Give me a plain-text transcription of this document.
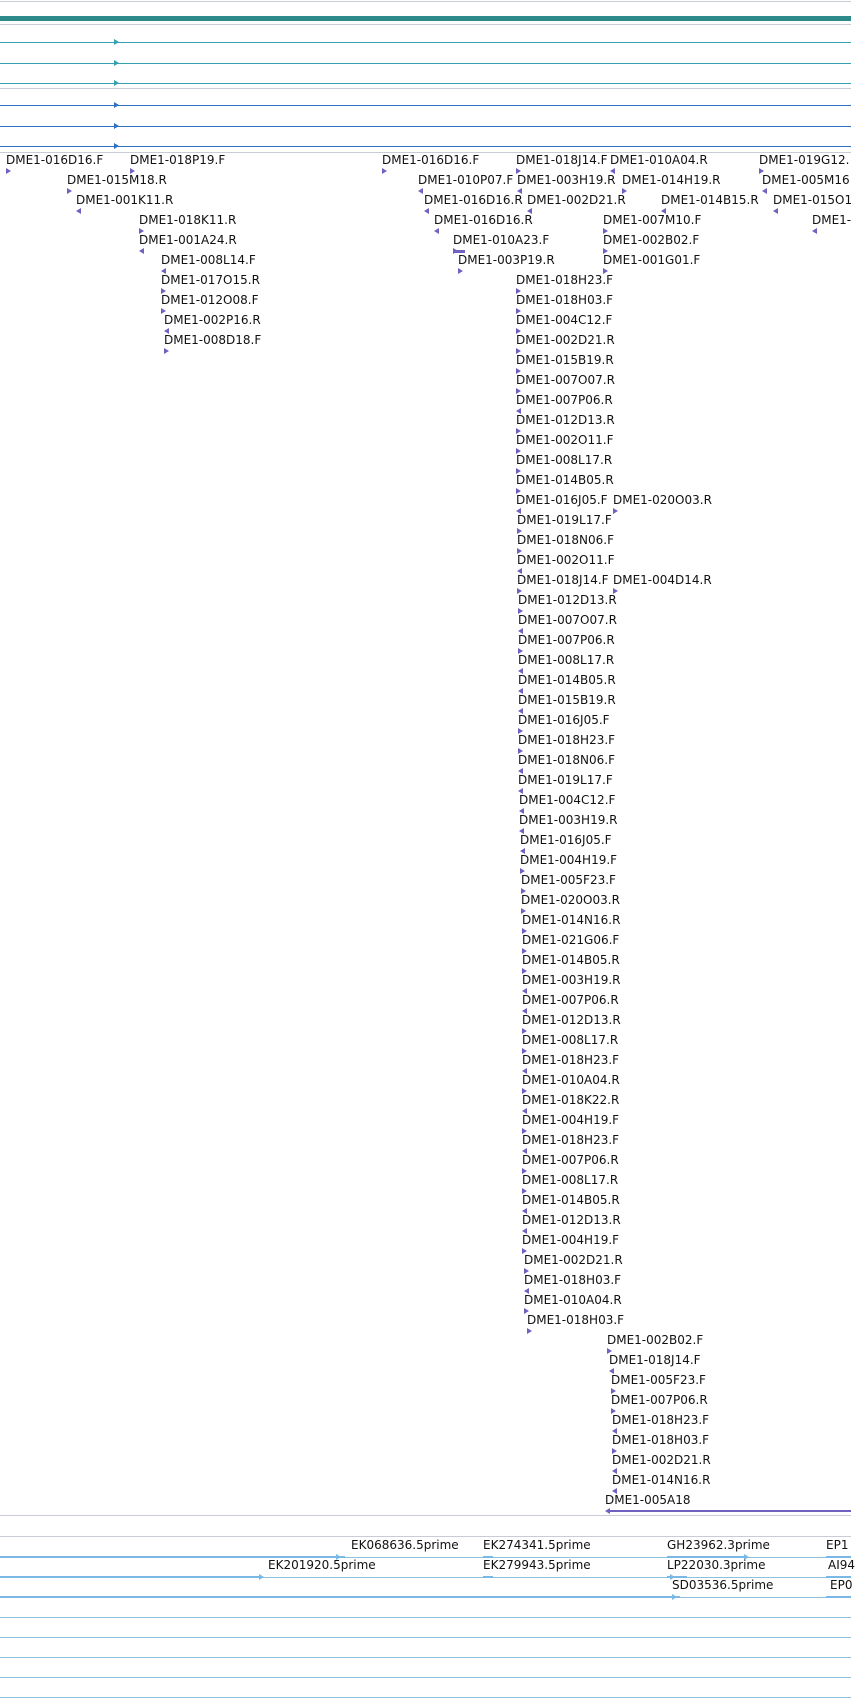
DME1-016D16.F DME1-018P19.F
DME1-015M18.R
DME1-001K11.R
DME1-018K11.R
DME1-001A24.R
DME1-008L14.F
DME1-017O15.R
DME1-012O08.F
DME1-002P16.R
DME1-008D18.F
DME1-016D16.F
DME1-010P07.F
DME1-016D16.R
DME1-016D16.R
DME1-010A23.F
DME1-003P19.R
DME1-018J14.F
DME1-003H19.R
DME1-002D21.R
DME1-010A04.R
DME1-014H19.R
DME1-014B15.R
DME1-007M10.F
DME1-002B02.F
DME1-001G01.F
DME1-019G12.
DME1-005M16
DME1-015O1
DME1-
DME1-018H23.F
DME1-018H03.F
DME1-004C12.F
DME1-002D21.R
DME1-015B19.R
DME1-007O07.R
DME1-007P06.R
DME1-012D13.R
DME1-002O11.F
DME1-008L17.R
DME1-014B05.R
DME1-016J05.F DME1-020O03.R
DME1-019L17.F
DME1-018N06.F
DME1-002O11.F
DME1-018J14.F DME1-004D14.R
DME1-012D13.R
DME1-007O07.R
DME1-007P06.R
DME1-008L17.R
DME1-014B05.R
DME1-015B19.R
DME1-016J05.F
DME1-018H23.F
DME1-018N06.F
DME1-019L17.F
DME1-004C12.F
DME1-003H19.R
DME1-016J05.F
DME1-004H19.F
DME1-005F23.F
DME1-020O03.R
DME1-014N16.R
DME1-021G06.F
DME1-014B05.R
DME1-003H19.R
DME1-007P06.R
DME1-012D13.R
DME1-008L17.R
DME1-018H23.F
DME1-010A04.R
DME1-018K22.R
DME1-004H19.F
DME1-018H23.F
DME1-007P06.R
DME1-008L17.R
DME1-014B05.R
DME1-012D13.R
DME1-004H19.F
DME1-002D21.R
DME1-018H03.F
DME1-010A04.R
DME1-018H03.F
DME1-002B02.F
DME1-018J14.F
DME1-005F23.F
DME1-007P06.R
DME1-018H23.F
DME1-018H03.F
DME1-002D21.R
DME1-014N16.R
DME1-005A18
EK068636.5prime
EK201920.5prime
EK274341.5prime
EK279943.5prime
GH23962.3prime
LP22030.3prime
SD03536.5prime
EP1
AI94
EP0
